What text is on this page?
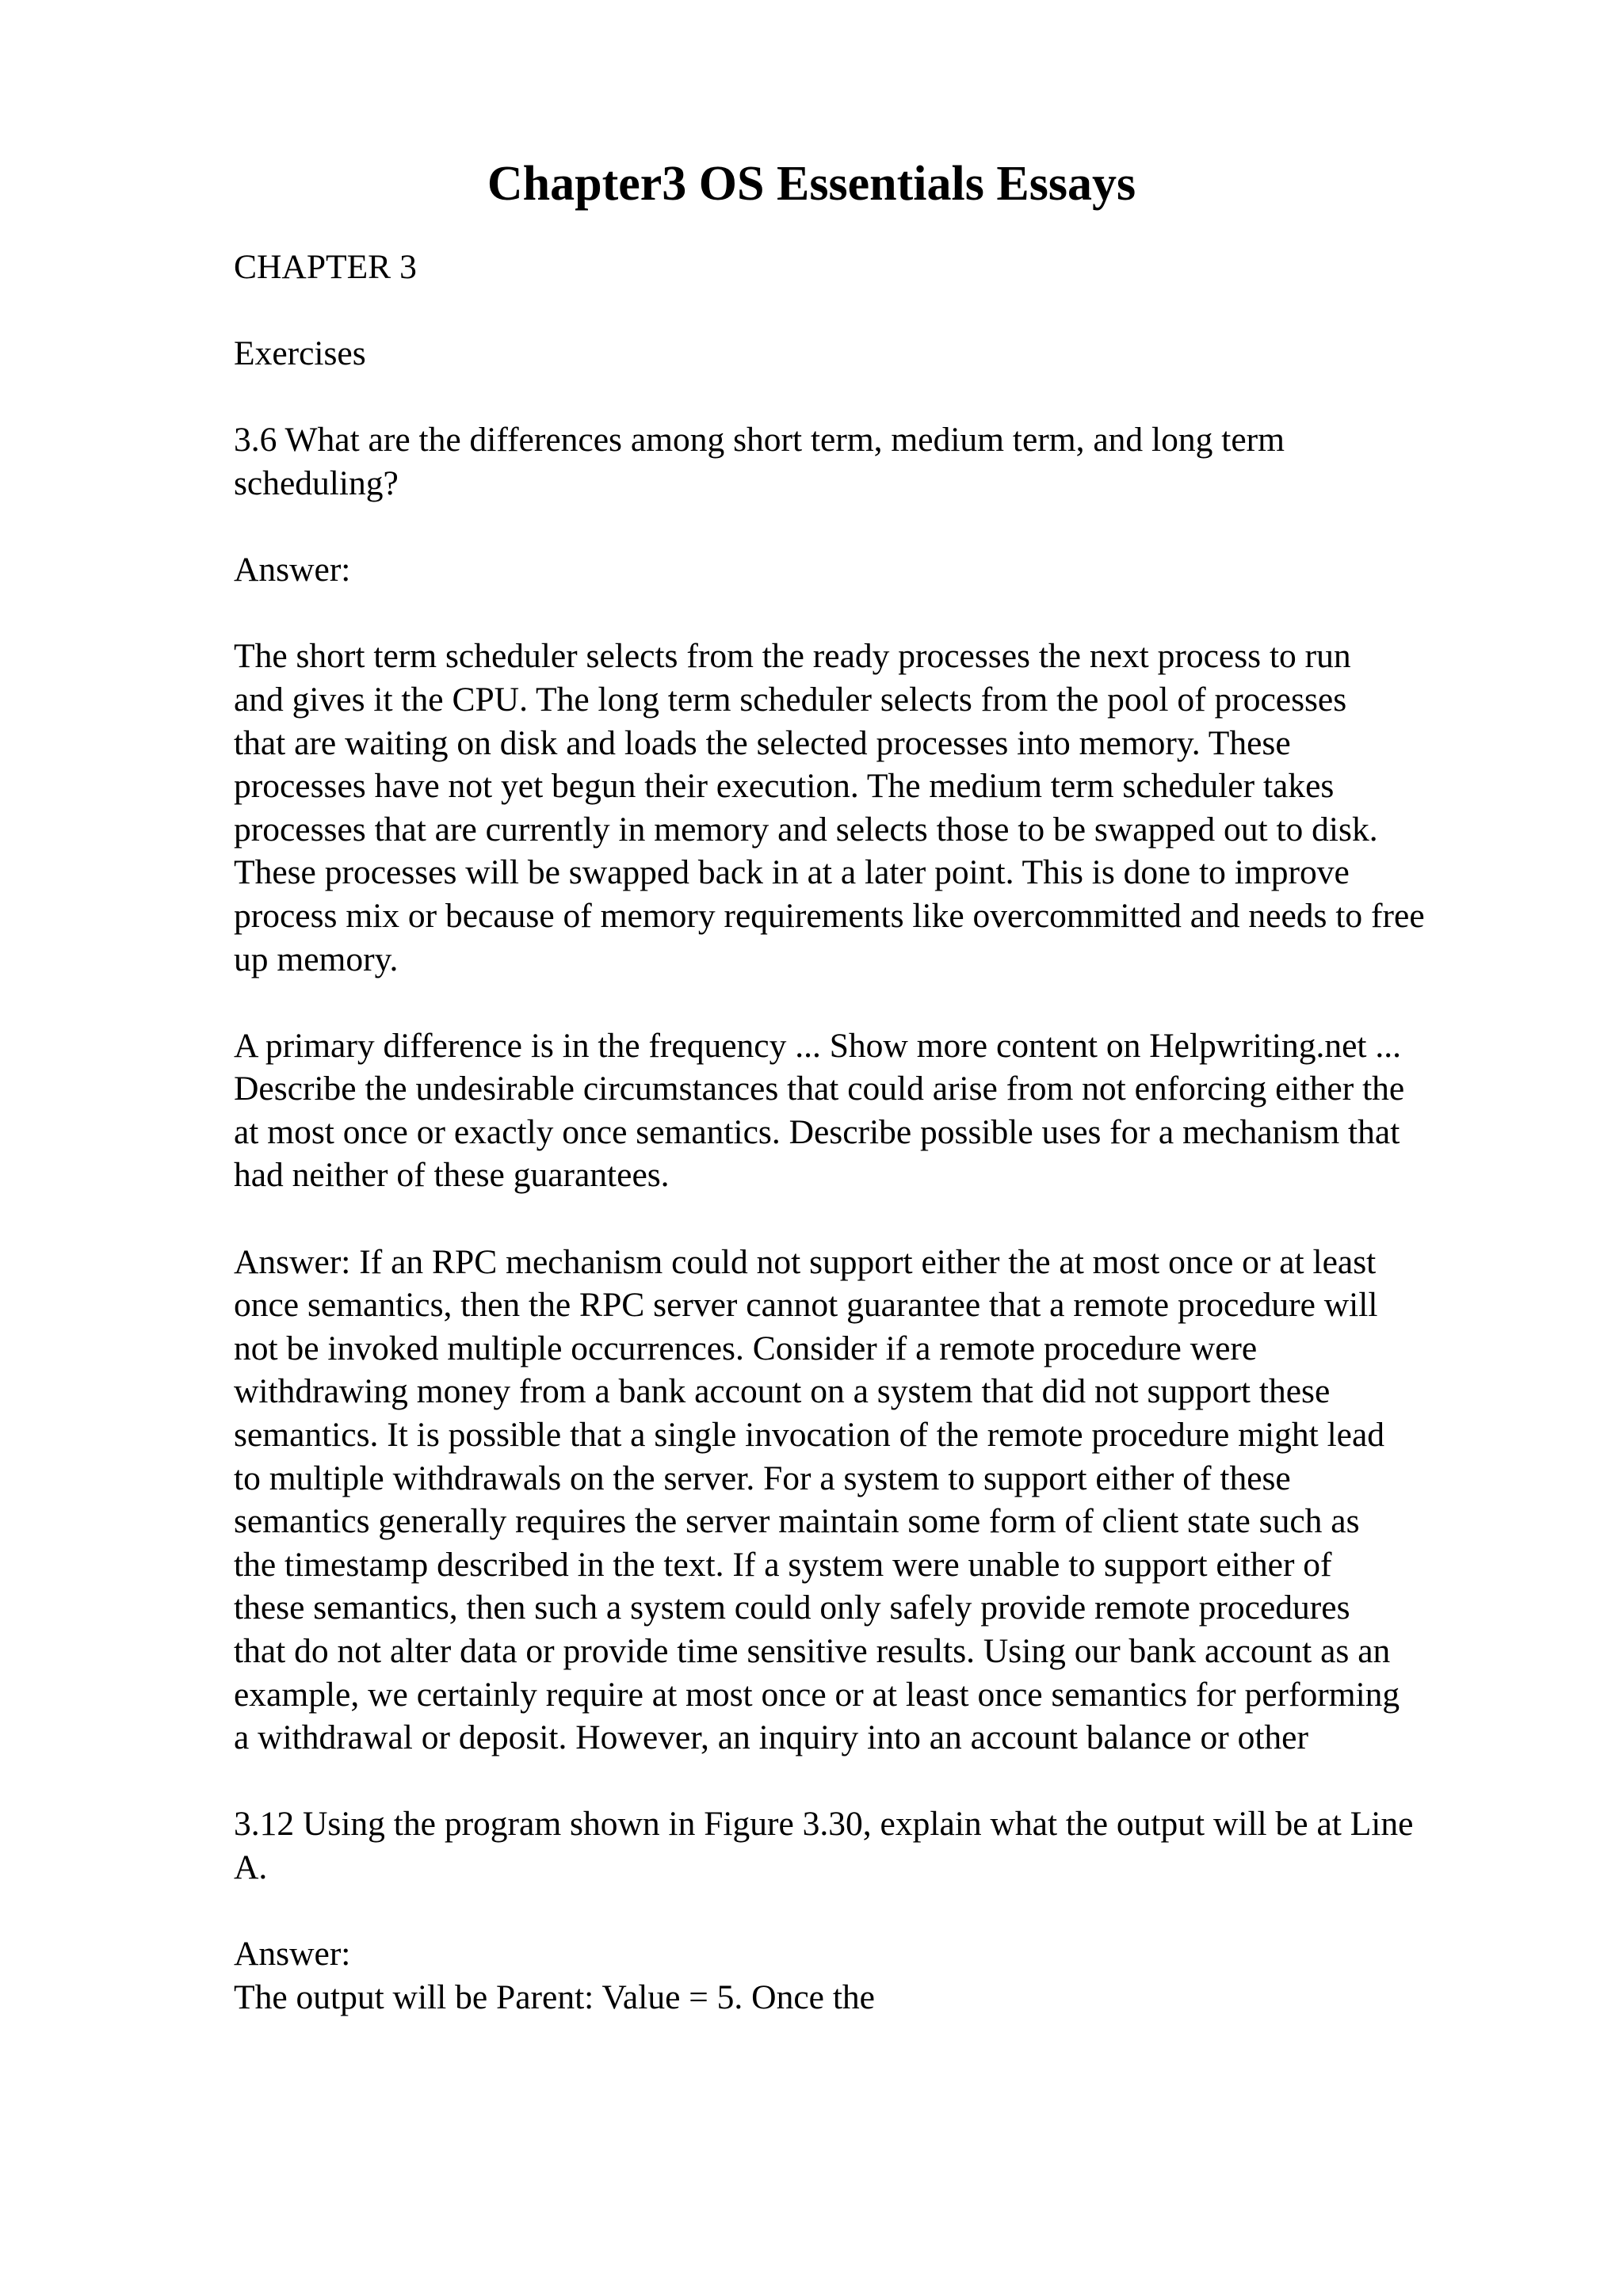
Chapter3 OS Essentials Essays
CHAPTER 3
Exercises
3.6 What are the differences among short term, medium term, and long term
scheduling?
Answer:
The short term scheduler selects from the ready processes the next process to run
and gives it the CPU. The long term scheduler selects from the pool of processes
that are waiting on disk and loads the selected processes into memory. These
processes have not yet begun their execution. The medium term scheduler takes
processes that are currently in memory and selects those to be swapped out to disk.
These processes will be swapped back in at a later point. This is done to improve
process mix or because of memory requirements like overcommitted and needs to free
up memory.
A primary difference is in the frequency ... Show more content on Helpwriting.net ...
Describe the undesirable circumstances that could arise from not enforcing either the
at most once or exactly once semantics. Describe possible uses for a mechanism that
had neither of these guarantees.
Answer: If an RPC mechanism could not support either the at most once or at least
once semantics, then the RPC server cannot guarantee that a remote procedure will
not be invoked multiple occurrences. Consider if a remote procedure were
withdrawing money from a bank account on a system that did not support these
semantics. It is possible that a single invocation of the remote procedure might lead
to multiple withdrawals on the server. For a system to support either of these
semantics generally requires the server maintain some form of client state such as
the timestamp described in the text. If a system were unable to support either of
these semantics, then such a system could only safely provide remote procedures
that do not alter data or provide time sensitive results. Using our bank account as an
example, we certainly require at most once or at least once semantics for performing
a withdrawal or deposit. However, an inquiry into an account balance or other
3.12 Using the program shown in Figure 3.30, explain what the output will be at Line
A.
Answer:
The output will be Parent: Value = 5. Once the
